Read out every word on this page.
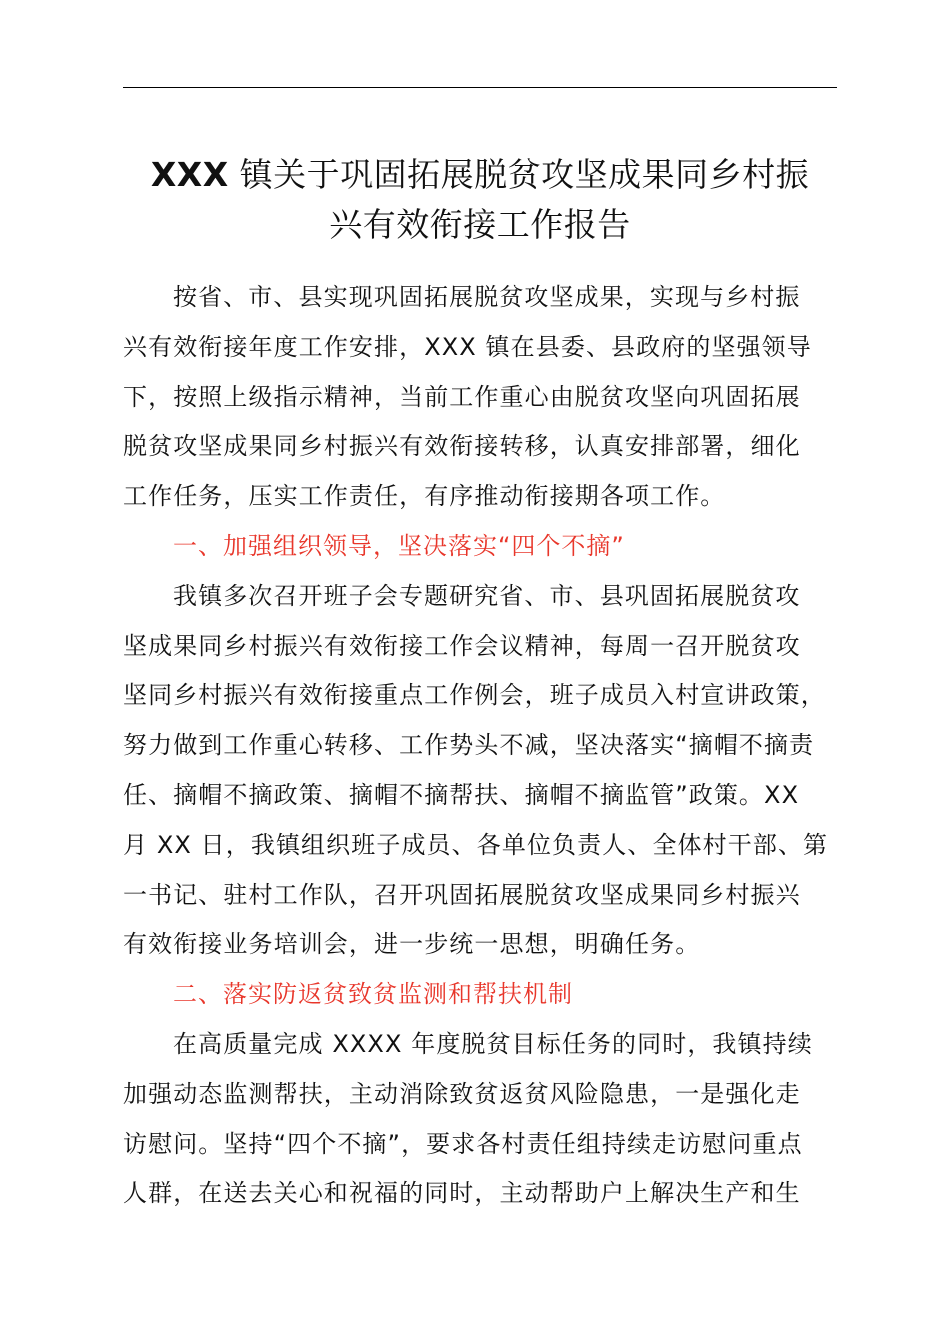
XXX 镇关于巩固拓展脱贫攻坚成果同乡村振
兴有效衔接工作报告
按省、市、县实现巩固拓展脱贫攻坚成果，实现与乡村振
兴有效衔接年度工作安排，XXX 镇在县委、县政府的坚强领导
下，按照上级指示精神，当前工作重心由脱贫攻坚向巩固拓展
脱贫攻坚成果同乡村振兴有效衔接转移，认真安排部署，细化
工作任务，压实工作责任，有序推动衔接期各项工作。
一、加强组织领导，坚决落实“四个不摘”
我镇多次召开班子会专题研究省、市、县巩固拓展脱贫攻
坚成果同乡村振兴有效衔接工作会议精神，每周一召开脱贫攻
坚同乡村振兴有效衔接重点工作例会，班子成员入村宣讲政策，
努力做到工作重心转移、工作势头不减，坚决落实“摘帽不摘责
任、摘帽不摘政策、摘帽不摘帮扶、摘帽不摘监管”政策。XX
月 XX 日，我镇组织班子成员、各单位负责人、全体村干部、第
一书记、驻村工作队，召开巩固拓展脱贫攻坚成果同乡村振兴
有效衔接业务培训会，进一步统一思想，明确任务。
二、落实防返贫致贫监测和帮扶机制
在高质量完成 XXXX 年度脱贫目标任务的同时，我镇持续
加强动态监测帮扶，主动消除致贫返贫风险隐患，一是强化走
访慰问。坚持“四个不摘”，要求各村责任组持续走访慰问重点
人群，在送去关心和祝福的同时，主动帮助户上解决生产和生
